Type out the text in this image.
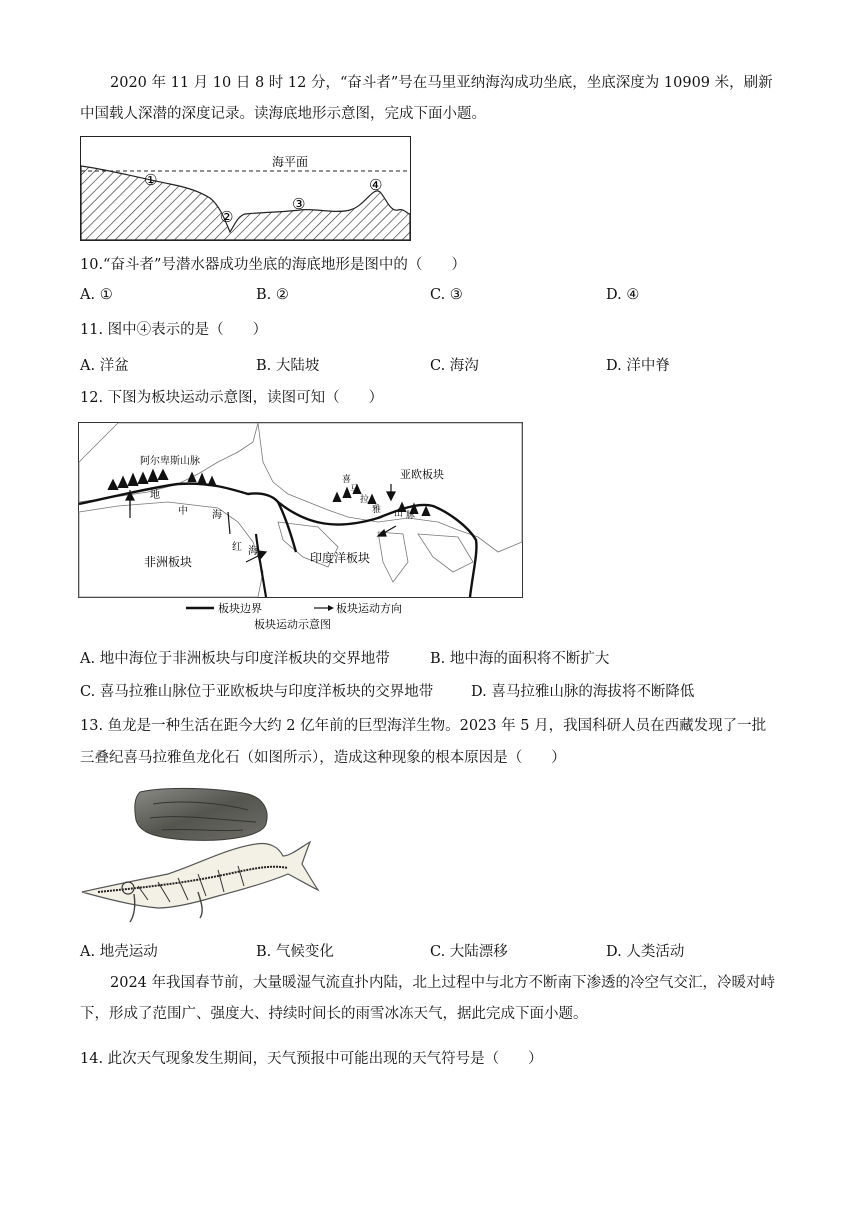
2020 年 11 月 10 日 8 时 12 分，“奋斗者”号在马里亚纳海沟成功坐底，坐底深度为 10909 米，刷新中国载人深潜的深度记录。读海底地形示意图，完成下面小题。
海平面
①
②
③
④
10.“奋斗者”号潜水器成功坐底的海底地形是图中的（　　）
A. ①	B. ②	C. ③	D. ④
11. 图中④表示的是（　　）
A. 洋盆	B. 大陆坡	C. 海沟	D. 洋中脊
12. 下图为板块运动示意图，读图可知（　　）
阿尔卑斯山脉
亚欧板块
非洲板块	印度洋板块
地
中 海
红 海
喜
马
拉
雅 山 脉
板块边界	板块运动方向
板块运动示意图
A. 地中海位于非洲板块与印度洋板块的交界地带	B. 地中海的面积将不断扩大
C. 喜马拉雅山脉位于亚欧板块与印度洋板块的交界地带	D. 喜马拉雅山脉的海拔将不断降低
13. 鱼龙是一种生活在距今大约 2 亿年前的巨型海洋生物。2023 年 5 月，我国科研人员在西藏发现了一批
三叠纪喜马拉雅鱼龙化石（如图所示），造成这种现象的根本原因是（　　）
A. 地壳运动	B. 气候变化	C. 大陆漂移	D. 人类活动
2024 年我国春节前，大量暖湿气流直扑内陆，北上过程中与北方不断南下渗透的冷空气交汇，冷暖对峙下，形成了范围广、强度大、持续时间长的雨雪冰冻天气，据此完成下面小题。
14. 此次天气现象发生期间，天气预报中可能出现的天气符号是（　　）
